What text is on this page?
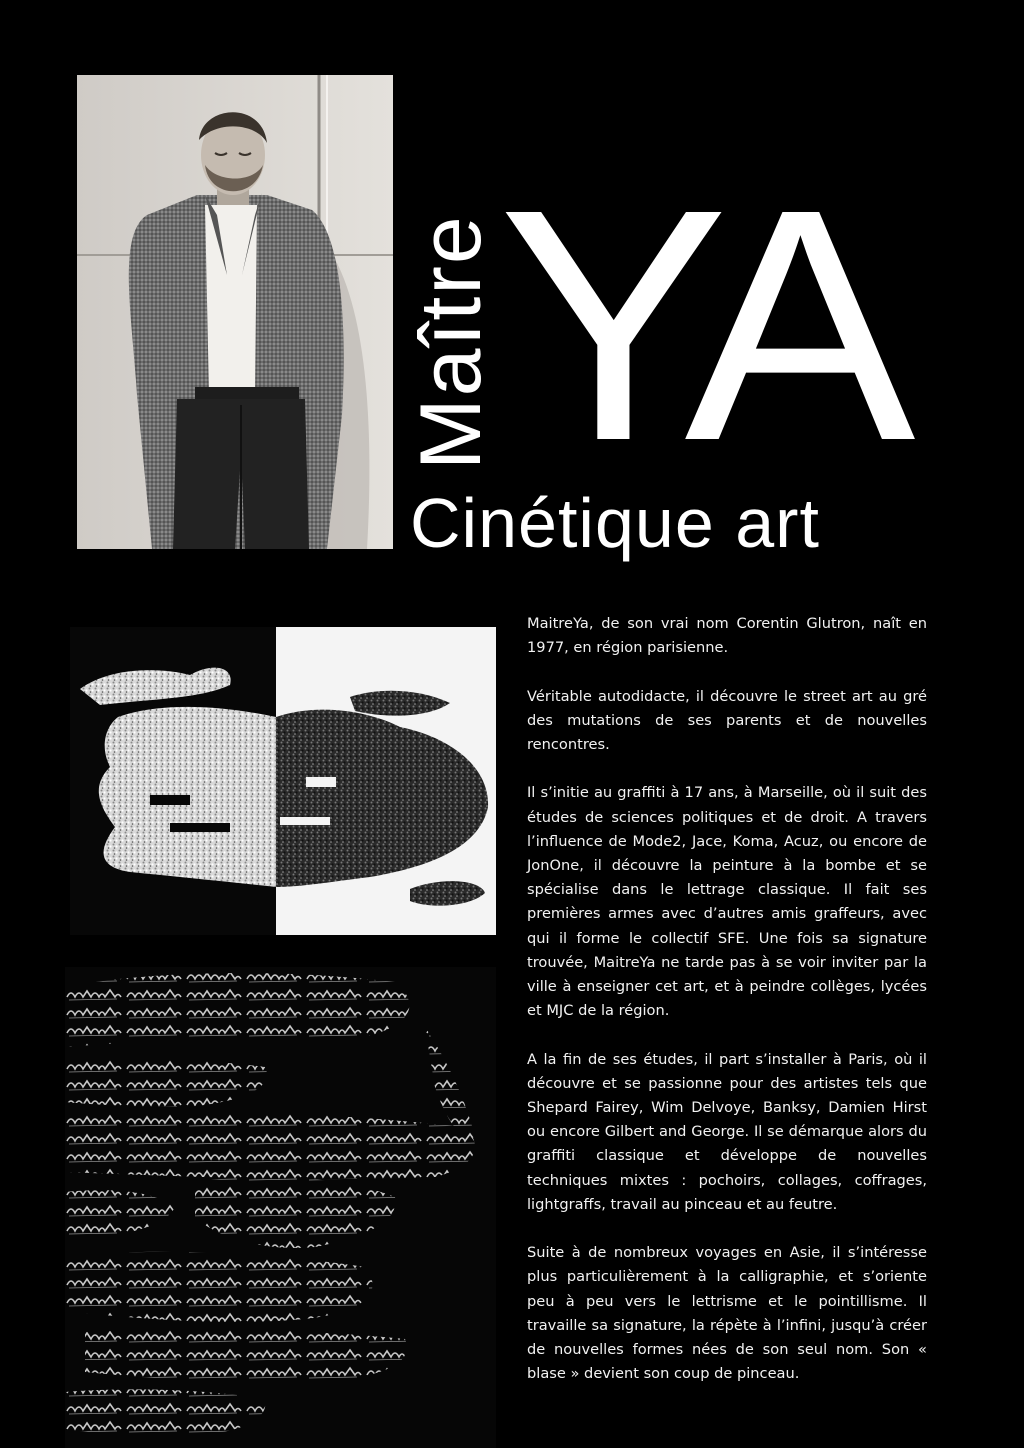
Maître YA
Cinétique art

MaitreYa, de son vrai nom Corentin Glutron, naît en 1977, en région parisienne.

Véritable autodidacte, il découvre le street art au gré des mutations de ses parents et de nouvelles rencontres.

Il s’initie au graffiti à 17 ans, à Marseille, où il suit des études de sciences politiques et de droit. A travers l’influence de Mode2, Jace, Koma, Acuz, ou encore de JonOne, il découvre la peinture à la bombe et se spécialise dans le lettrage classique. Il fait ses premières armes avec d’autres amis graffeurs, avec qui il forme le collectif SFE. Une fois sa signature trouvée, MaitreYa ne tarde pas à se voir inviter par la ville à enseigner cet art, et à peindre collèges, lycées et MJC de la région.

A la fin de ses études, il part s’installer à Paris, où il découvre et se passionne pour des artistes tels que Shepard Fairey, Wim Delvoye, Banksy, Damien Hirst ou encore Gilbert and George. Il se démarque alors du graffiti classique et développe de nouvelles techniques mixtes : pochoirs, collages, coffrages, lightgraffs, travail au pinceau et au feutre.

Suite à de nombreux voyages en Asie, il s’intéresse plus particulièrement à la calligraphie, et s’oriente peu à peu vers le lettrisme et le pointillisme. Il travaille sa signature, la répète à l’infini, jusqu’à créer de nouvelles formes nées de son seul nom. Son « blase » devient son coup de pinceau.
